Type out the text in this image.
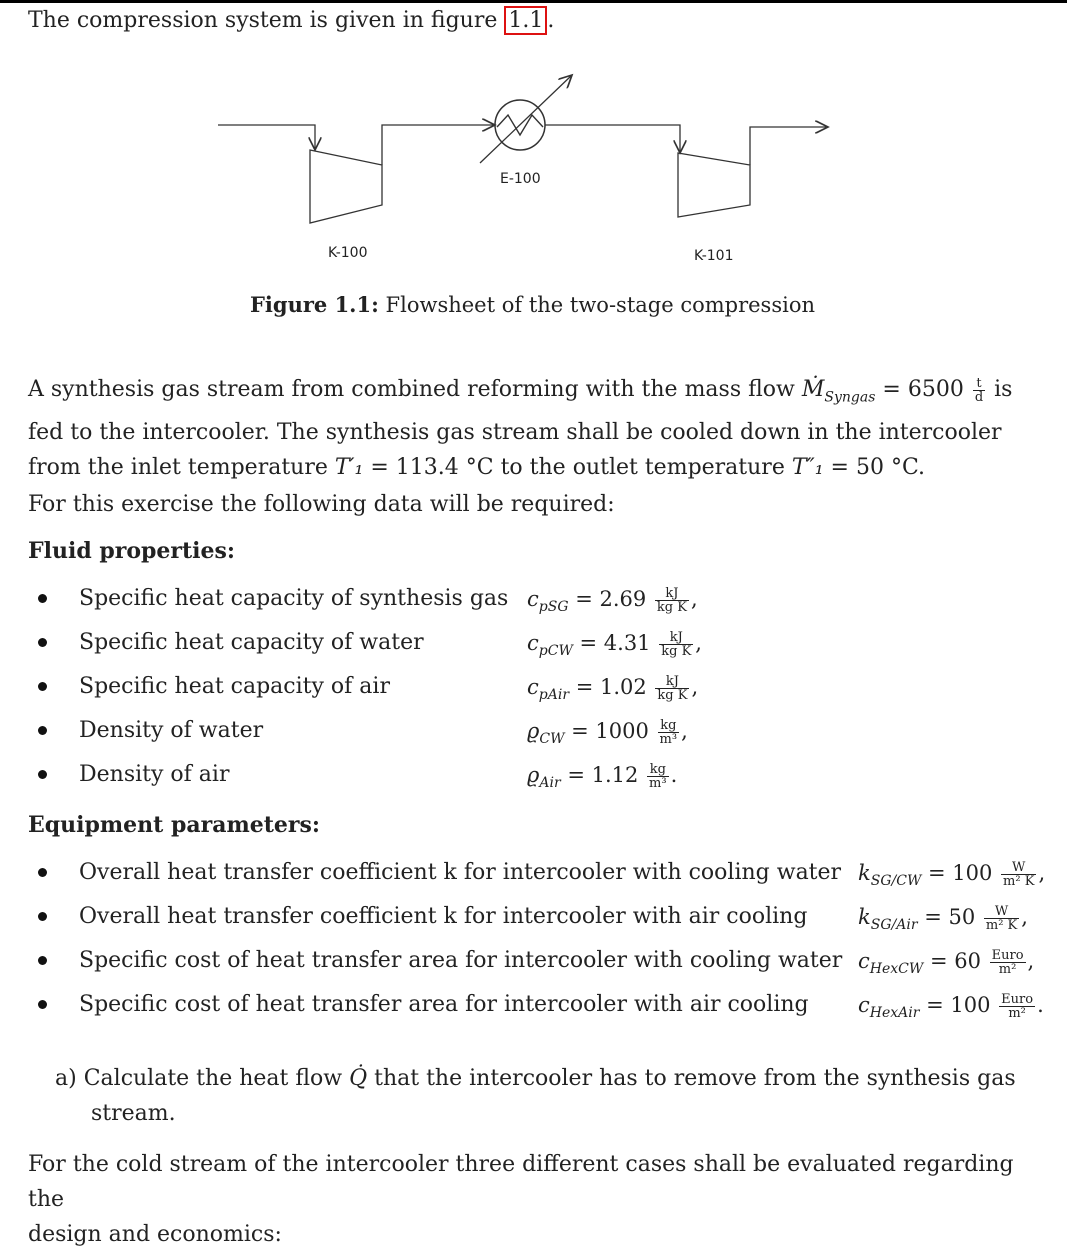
The compression system is given in figure 1.1 .
K-100
E-100
K-101
Figure 1.1: Flowsheet of the two-stage compression

A synthesis gas stream from combined reforming with the mass flow Ṁ$_{Syngas}$ = $6500 \frac{t}{d}$ is

fed to the intercooler. The synthesis gas stream shall be cooled down in the intercooler

from the inlet temperature T′₁ = 113.4 °C to the outlet temperature T″₁ = 50 °C.

For this exercise the following data will be required:
Fluid properties:
Specific heat capacity of synthesis gas $c_{pSG} = 2.69 \frac{kJ}{\text{kg K}}$ ,
Specific heat capacity of water	$c_{pCW} = 4.31 \frac{kJ}{\text{kg K}}$ ,
Specific heat capacity of air	$c_{pAir} = 1.02 \frac{kJ}{\text{kg K}}$ ,
Density of water	$ϱ_{CW} = 1000 \frac{kg}{\text{m³}}$ ,
Density of air	$ϱ_{Air} = 1.12 \frac{kg}{\text{m³}}$ .
Equipment parameters:
Overall heat transfer coefficient k for intercooler with cooling water $k_{SG/CW} = 100 \frac{W}{\text{m² K}}$ ,
Overall heat transfer coefficient k for intercooler with air cooling $k_{SG/Air} = 50 \frac{W}{\text{m² K}}$ ,
Specific cost of heat transfer area for intercooler with cooling water $c_{HexCW} = 60 \frac{\text{Euro}}{\text{m²}}$ ,
Specific cost of heat transfer area for intercooler with air cooling $c_{HexAir} = 100 \frac{\text{Euro}}{\text{m²}}$ .

a) Calculate the heat flow Q̇ that the intercooler has to remove from the synthesis gas

stream.

For the cold stream of the intercooler three different cases shall be evaluated regarding the

design and economics:
